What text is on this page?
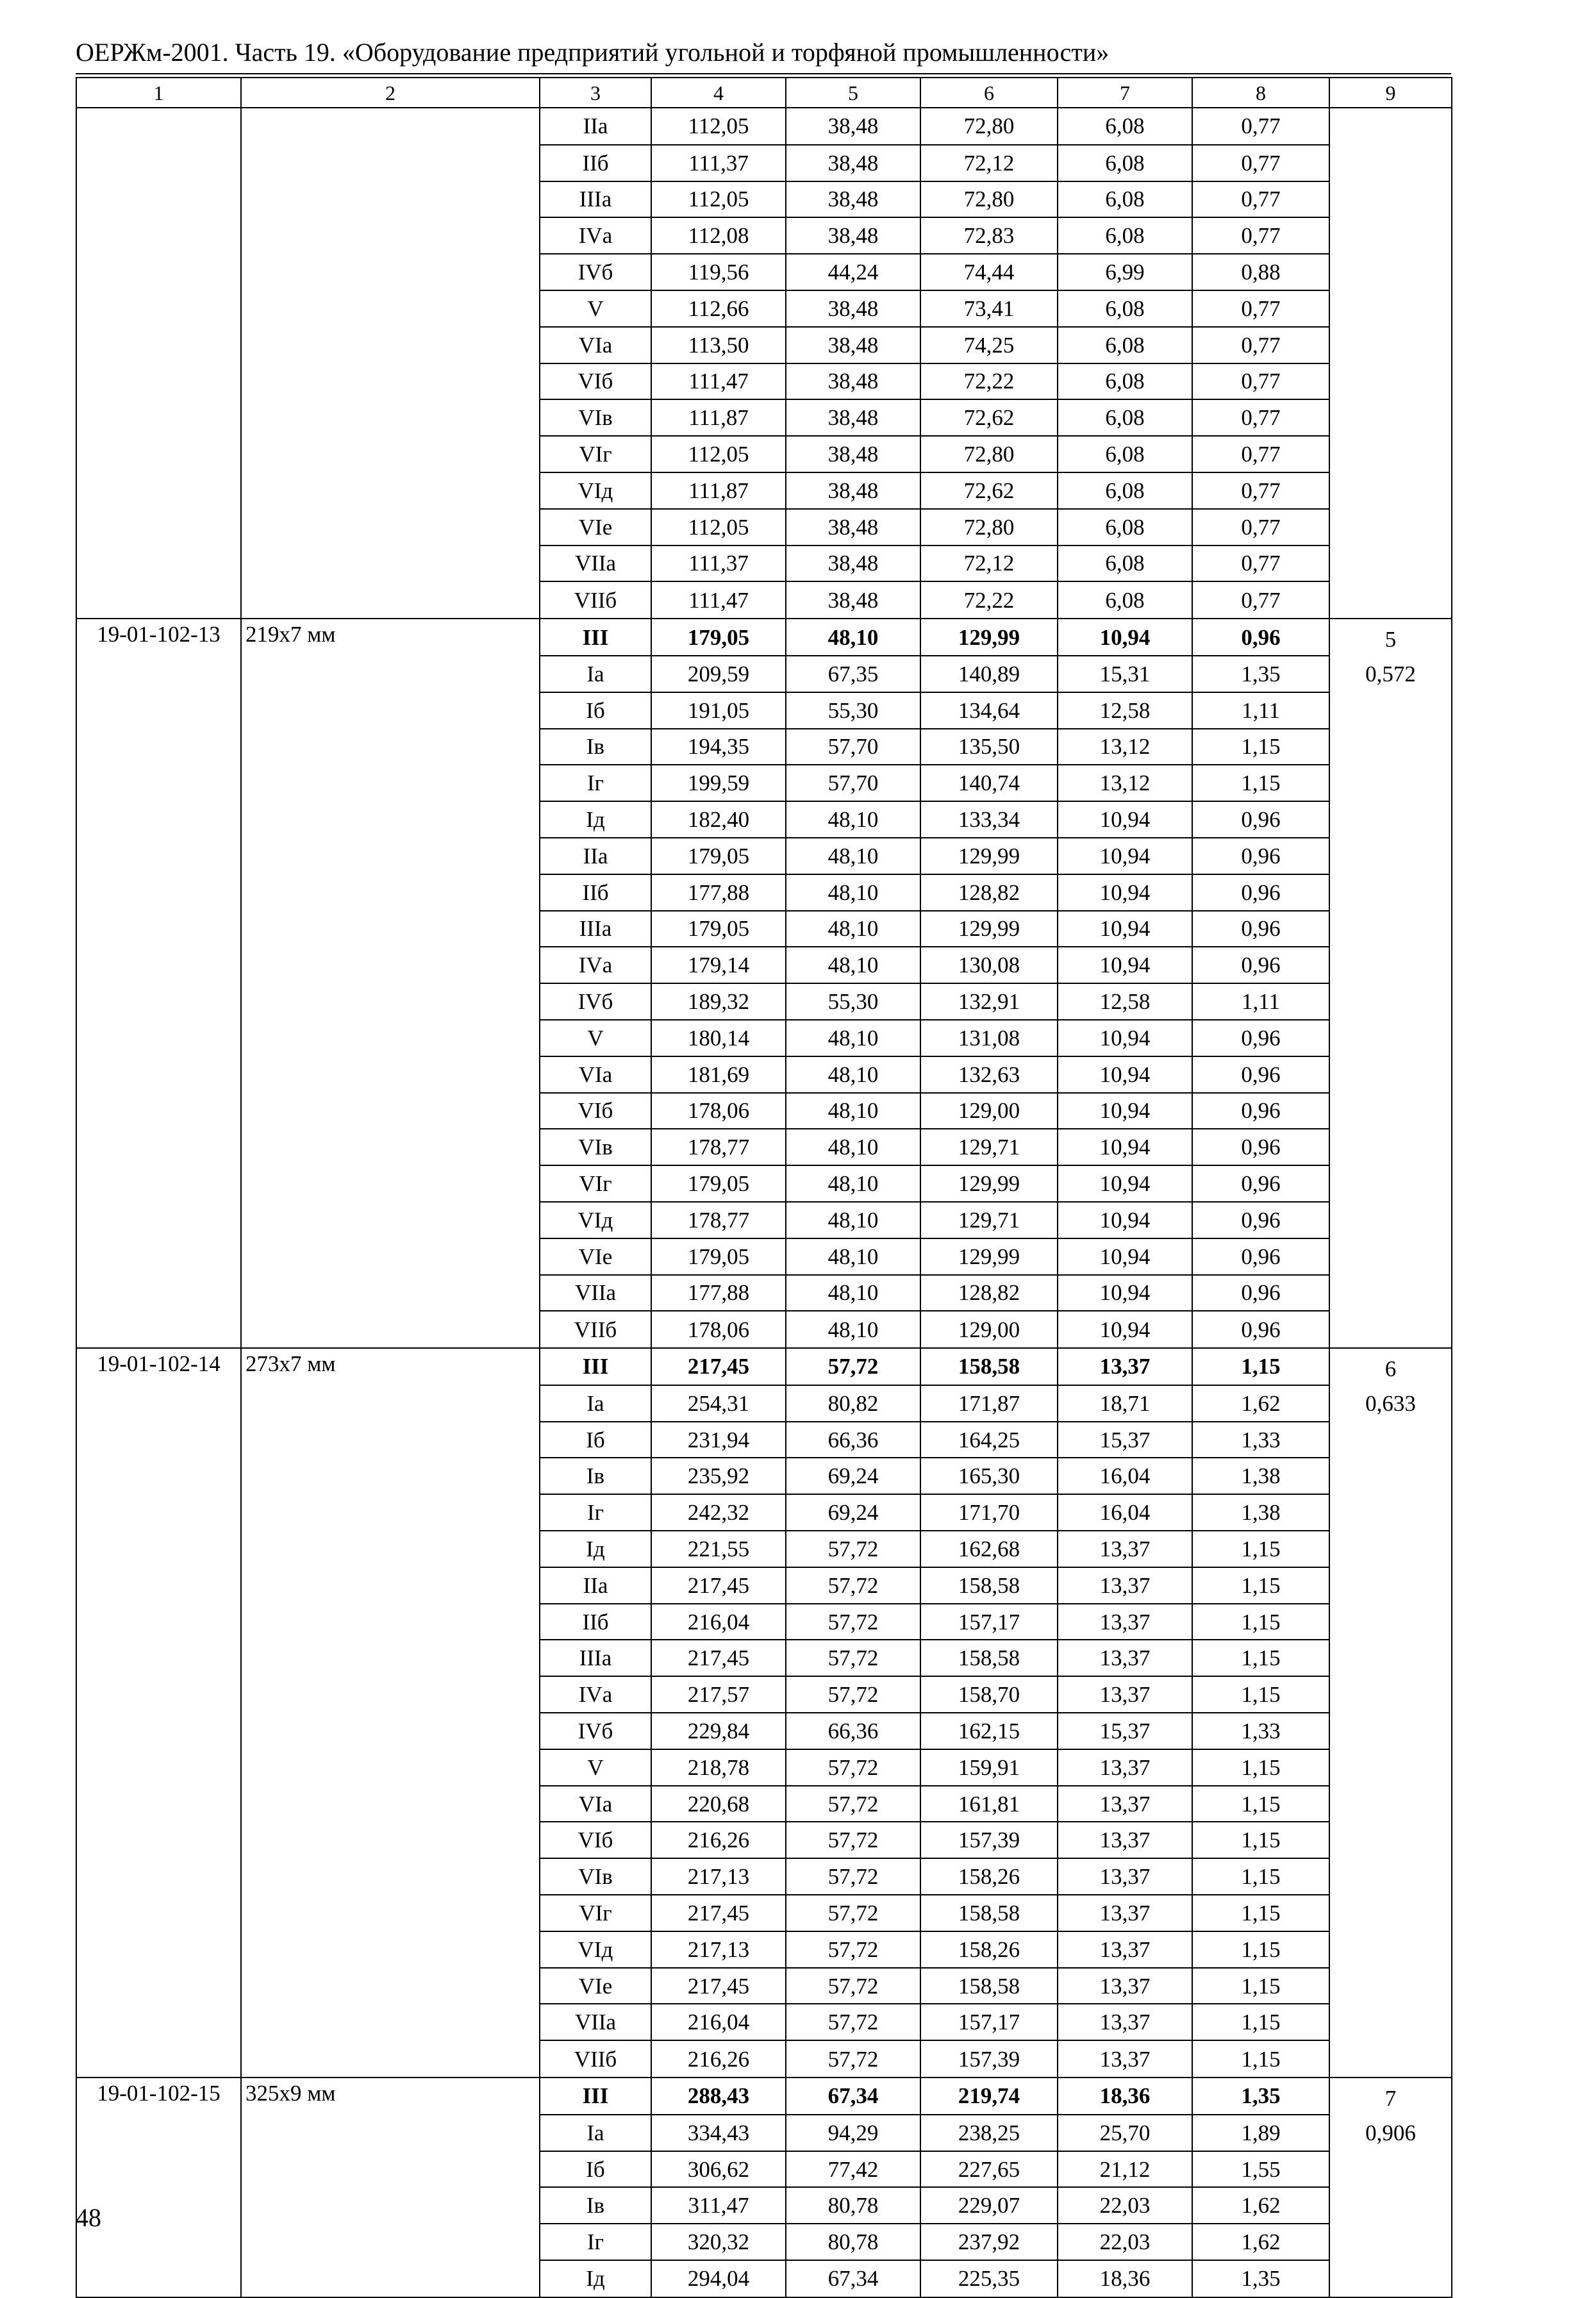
ОЕРЖм-2001. Часть 19. «Оборудование предприятий угольной и торфяной промышленности»
1	2	3	4	5	6	7	8	9
		IIа	112,05	38,48	72,80	6,08	0,77	
		IIб	111,37	38,48	72,12	6,08	0,77	
		IIIа	112,05	38,48	72,80	6,08	0,77	
		IVа	112,08	38,48	72,83	6,08	0,77	
		IVб	119,56	44,24	74,44	6,99	0,88	
		V	112,66	38,48	73,41	6,08	0,77	
		VIа	113,50	38,48	74,25	6,08	0,77	
		VIб	111,47	38,48	72,22	6,08	0,77	
		VIв	111,87	38,48	72,62	6,08	0,77	
		VIг	112,05	38,48	72,80	6,08	0,77	
		VIд	111,87	38,48	72,62	6,08	0,77	
		VIе	112,05	38,48	72,80	6,08	0,77	
		VIIа	111,37	38,48	72,12	6,08	0,77	
		VIIб	111,47	38,48	72,22	6,08	0,77	
19-01-102-13	219х7 мм	III	179,05	48,10	129,99	10,94	0,96	5
		Iа	209,59	67,35	140,89	15,31	1,35	0,572
		Iб	191,05	55,30	134,64	12,58	1,11	
		Iв	194,35	57,70	135,50	13,12	1,15	
		Iг	199,59	57,70	140,74	13,12	1,15	
		Iд	182,40	48,10	133,34	10,94	0,96	
		IIа	179,05	48,10	129,99	10,94	0,96	
		IIб	177,88	48,10	128,82	10,94	0,96	
		IIIа	179,05	48,10	129,99	10,94	0,96	
		IVа	179,14	48,10	130,08	10,94	0,96	
		IVб	189,32	55,30	132,91	12,58	1,11	
		V	180,14	48,10	131,08	10,94	0,96	
		VIа	181,69	48,10	132,63	10,94	0,96	
		VIб	178,06	48,10	129,00	10,94	0,96	
		VIв	178,77	48,10	129,71	10,94	0,96	
		VIг	179,05	48,10	129,99	10,94	0,96	
		VIд	178,77	48,10	129,71	10,94	0,96	
		VIе	179,05	48,10	129,99	10,94	0,96	
		VIIа	177,88	48,10	128,82	10,94	0,96	
		VIIб	178,06	48,10	129,00	10,94	0,96	
19-01-102-14	273х7 мм	III	217,45	57,72	158,58	13,37	1,15	6
		Iа	254,31	80,82	171,87	18,71	1,62	0,633
		Iб	231,94	66,36	164,25	15,37	1,33	
		Iв	235,92	69,24	165,30	16,04	1,38	
		Iг	242,32	69,24	171,70	16,04	1,38	
		Iд	221,55	57,72	162,68	13,37	1,15	
		IIа	217,45	57,72	158,58	13,37	1,15	
		IIб	216,04	57,72	157,17	13,37	1,15	
		IIIа	217,45	57,72	158,58	13,37	1,15	
		IVа	217,57	57,72	158,70	13,37	1,15	
		IVб	229,84	66,36	162,15	15,37	1,33	
		V	218,78	57,72	159,91	13,37	1,15	
		VIа	220,68	57,72	161,81	13,37	1,15	
		VIб	216,26	57,72	157,39	13,37	1,15	
		VIв	217,13	57,72	158,26	13,37	1,15	
		VIг	217,45	57,72	158,58	13,37	1,15	
		VIд	217,13	57,72	158,26	13,37	1,15	
		VIе	217,45	57,72	158,58	13,37	1,15	
		VIIа	216,04	57,72	157,17	13,37	1,15	
		VIIб	216,26	57,72	157,39	13,37	1,15	
19-01-102-15	325х9 мм	III	288,43	67,34	219,74	18,36	1,35	7
		Iа	334,43	94,29	238,25	25,70	1,89	0,906
		Iб	306,62	77,42	227,65	21,12	1,55	
		Iв	311,47	80,78	229,07	22,03	1,62	
		Iг	320,32	80,78	237,92	22,03	1,62	
		Iд	294,04	67,34	225,35	18,36	1,35	
48
